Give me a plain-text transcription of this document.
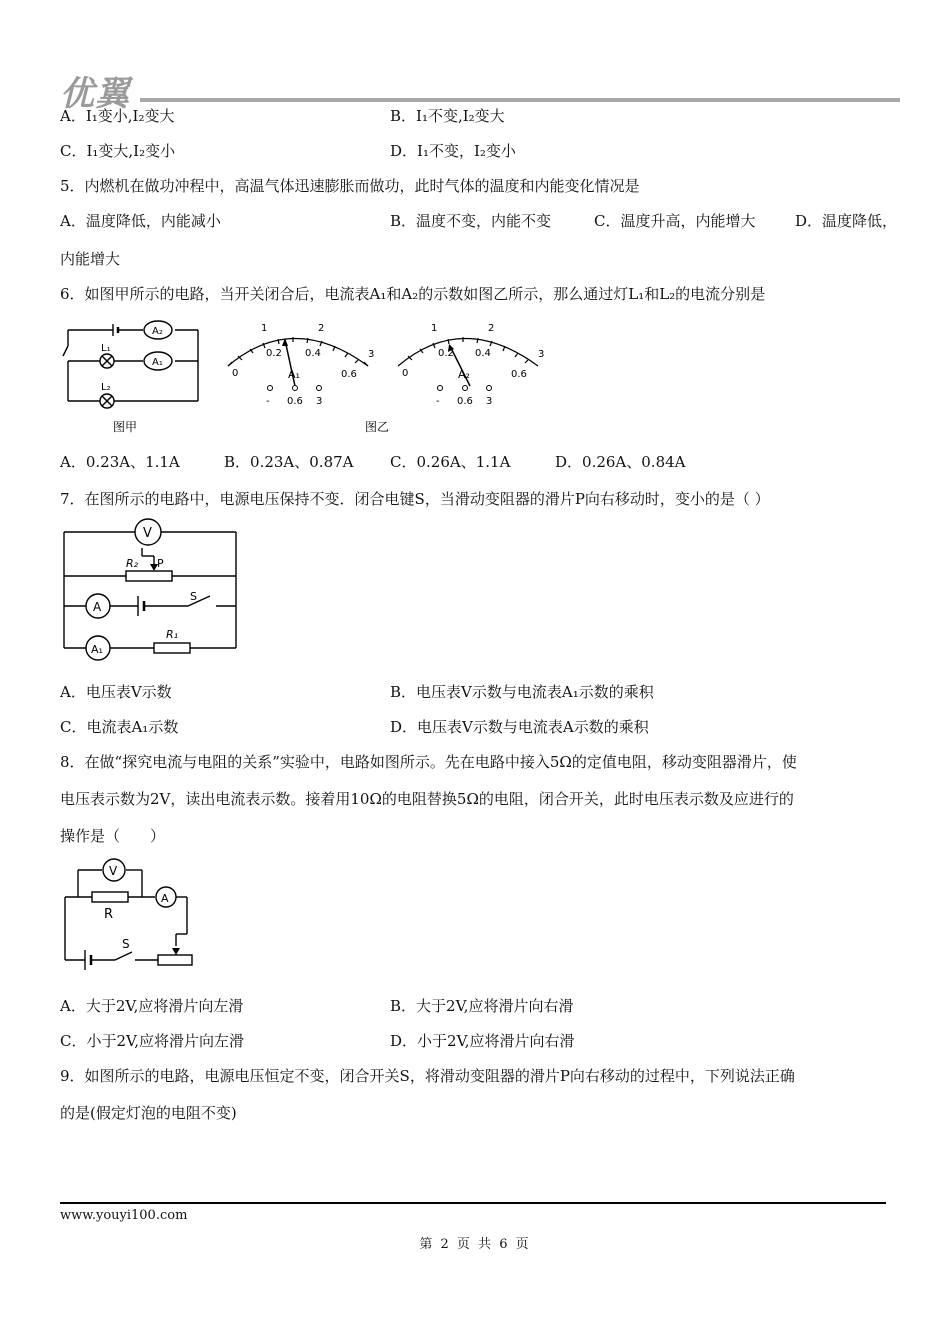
优翼
A．I₁变小,I₂变大	B．I₁不变,I₂变大
C．I₁变大,I₂变小	D．I₁不变，I₂变小
5．内燃机在做功冲程中，高温气体迅速膨胀而做功，此时气体的温度和内能变化情况是
A．温度降低，内能减小	B．温度不变，内能不变	C．温度升高，内能增大	D．温度降低，
内能增大
6．如图甲所示的电路，当开关闭合后，电流表A₁和A₂的示数如图乙所示，那么通过灯L₁和L₂的电流分别是
A₂
A₁
L₁
L₂
图甲
1	2
0
0.2 0.4
0.6
3
A₁
- 0.6 3
1	2
0
0.2 0.4
0.6
3
A₂
- 0.6 3
图乙
A．0.23A、1.1A	B．0.23A、0.87A C．0.26A、1.1A	D．0.26A、0.84A
7．在图所示的电路中，电源电压保持不变．闭合电键S，当滑动变阻器的滑片P向右移动时，变小的是（ ）
V
R₂ P
A
S
A₁
R₁
A．电压表V示数	B．电压表V示数与电流表A₁示数的乘积
C．电流表A₁示数	D．电压表V示数与电流表A示数的乘积
8．在做“探究电流与电阻的关系”实验中，电路如图所示。先在电路中接入5Ω的定值电阻，移动变阻器滑片，使
电压表示数为2V，读出电流表示数。接着用10Ω的电阻替换5Ω的电阻，闭合开关，此时电压表示数及应进行的
操作是（　　）
V
R
A
S
A．大于2V,应将滑片向左滑	B．大于2V,应将滑片向右滑
C．小于2V,应将滑片向左滑	D．小于2V,应将滑片向右滑
9．如图所示的电路，电源电压恒定不变，闭合开关S，将滑动变阻器的滑片P向右移动的过程中，下列说法正确
的是(假定灯泡的电阻不变)
www.youyi100.com
第 2 页 共 6 页
